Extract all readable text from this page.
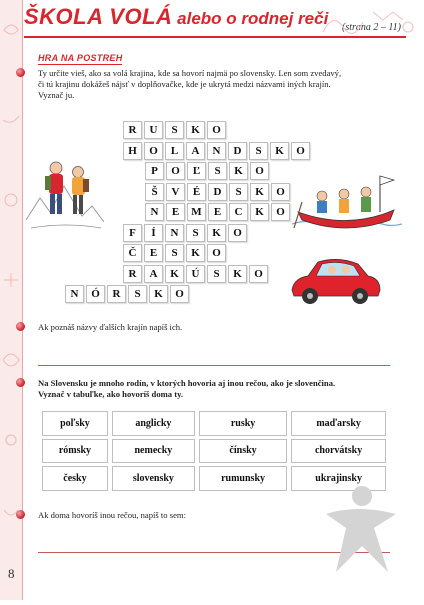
ŠKOLA VOLÁ alebo o rodnej reči (strana 2 – 11)
HRA NA POSTREH
Ty určite vieš, ako sa volá krajina, kde sa hovorí najmä po slovensky. Len som zvedavý,
či tú krajinu dokážeš nájsť v doplňovačke, kde je ukrytá medzi názvami iných krajín.
Vyznač ju.
R	U	S	K	O
H	O	L	A	N	D	S	K	O
P	O	Ľ	S	K	O
Š	V	É	D	S	K	O
N	E	M	E	C	K	O
F	Í	N	S	K	O
Č	E	S	K	O
R	A	K	Ú	S	K	O
N	Ó	R	S	K	O
Ak poznáš názvy ďalších krajín napíš ich.
Na Slovensku je mnoho rodín, v ktorých hovoria aj inou rečou, ako je slovenčina.
Vyznač v tabuľke, ako hovoríš doma ty.
poľsky	anglicky	rusky	maďarsky
rómsky	nemecky	čínsky	chorvátsky
česky	slovensky	rumunsky	ukrajinsky
Ak doma hovoríš inou rečou, napíš to sem:
8
